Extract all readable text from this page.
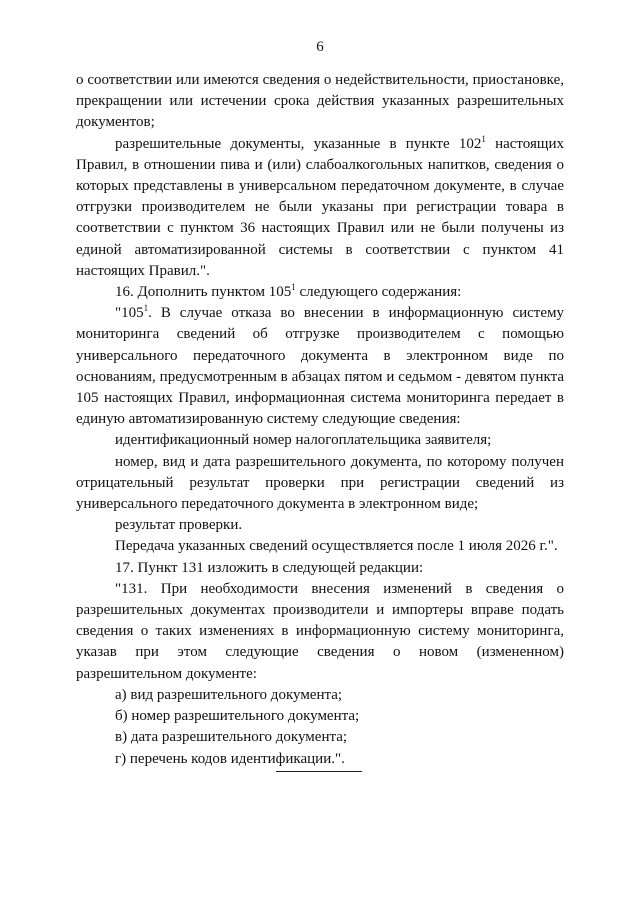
6

о соответствии или имеются сведения о недействительности, приостановке, прекращении или истечении срока действия указанных разрешительных документов;

разрешительные документы, указанные в пункте $102^1$ настоящих Правил, в отношении пива и (или) слабоалкогольных напитков, сведения о которых представлены в универсальном передаточном документе, в случае отгрузки производителем не были указаны при регистрации товара в соответствии с пунктом 36 настоящих Правил или не были получены из единой автоматизированной системы в соответствии с пунктом 41 настоящих Правил.".

16. Дополнить пунктом $105^1$ следующего содержания:

"$105^1$. В случае отказа во внесении в информационную систему мониторинга сведений об отгрузке производителем с помощью универсального передаточного документа в электронном виде по основаниям, предусмотренным в абзацах пятом и седьмом - девятом пункта 105 настоящих Правил, информационная система мониторинга передает в единую автоматизированную систему следующие сведения:

идентификационный номер налогоплательщика заявителя;

номер, вид и дата разрешительного документа, по которому получен отрицательный результат проверки при регистрации сведений из универсального передаточного документа в электронном виде;

результат проверки.

Передача указанных сведений осуществляется после 1 июля 2026 г.".

17. Пункт 131 изложить в следующей редакции:

"131. При необходимости внесения изменений в сведения о разрешительных документах производители и импортеры вправе подать сведения о таких изменениях в информационную систему мониторинга, указав при этом следующие сведения о новом (измененном) разрешительном документе:

а) вид разрешительного документа;

б) номер разрешительного документа;

в) дата разрешительного документа;

г) перечень кодов идентификации.".
